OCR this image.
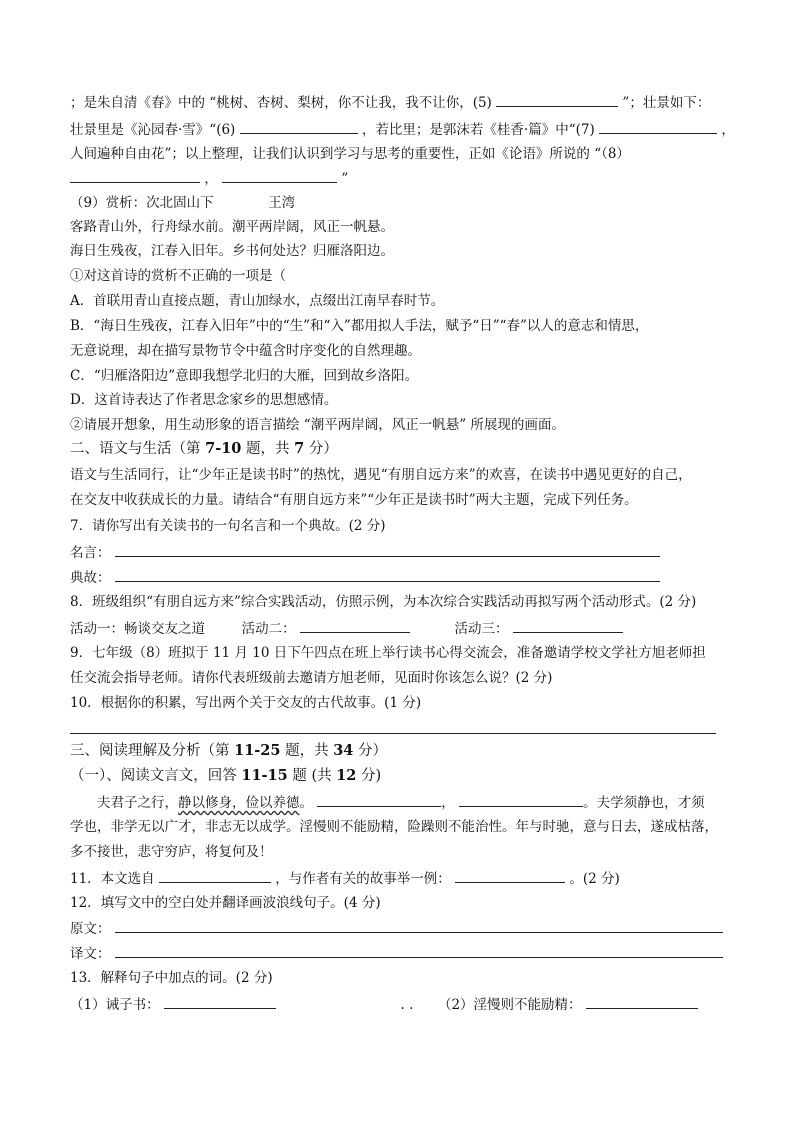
；是朱自清《春》中的 “桃树、杏树、梨树，你不让我，我不让你，(5)	”；壮景如下：
壮景里是《沁园春·雪》“(6)	，若比里；是郭沫若《桂香·篇》中“(7)	，
人间遍种自由花”；以上整理，让我们认识到学习与思考的重要性，正如《论语》所说的 “（8）
，	”
（9）赏析：次北固山下	王湾
客路青山外，行舟绿水前。潮平两岸阔，风正一帆悬。
海日生残夜，江春入旧年。乡书何处达？归雁洛阳边。
①对这首诗的赏析不正确的一项是（
A．首联用青山直接点题，青山加绿水，点缀出江南早春时节。
B．“海日生残夜，江春入旧年”中的“生”和“入”都用拟人手法，赋予“日”“春”以人的意志和情思，
无意说理，却在描写景物节令中蕴含时序变化的自然理趣。
C．“归雁洛阳边”意即我想学北归的大雁，回到故乡洛阳。
D．这首诗表达了作者思念家乡的思想感情。
②请展开想象，用生动形象的语言描绘 “潮平两岸阔，风正一帆悬” 所展现的画面。
二、语文与生活（第 7-10 题，共 7 分）
语文与生活同行，让“少年正是读书时”的热忱，遇见“有朋自远方来”的欢喜，在读书中遇见更好的自己，
在交友中收获成长的力量。请结合“有朋自远方来”“少年正是读书时”两大主题，完成下列任务。
7．请你写出有关读书的一句名言和一个典故。(2 分)
名言：
典故：
8．班级组织“有朋自远方来”综合实践活动，仿照示例，为本次综合实践活动再拟写两个活动形式。(2 分)
活动一：畅谈交友之道	活动二：	活动三：
9．七年级（8）班拟于 11 月 10 日下午四点在班上举行读书心得交流会，准备邀请学校文学社方旭老师担
任交流会指导老师。请你代表班级前去邀请方旭老师，见面时你该怎么说？(2 分)
10．根据你的积累，写出两个关于交友的古代故事。(1 分)
三、阅读理解及分析（第 11-25 题，共 34 分）
（一）、阅读文言文，回答 11-15 题 (共 12 分)
夫君子之行，静以修身，俭以养德。	，	。夫学须静也，才须
学也，非学无以广才，非志无以成学。淫慢则不能励精，险躁则不能治性。年与时驰，意与日去，遂成枯落，
多不接世，悲守穷庐，将复何及！
11．本文选自	，与作者有关的故事举一例：	。(2 分)
12．填写文中的空白处并翻译画波浪线句子。(4 分)
原文：
译文：
13．解释句子中加点的词。(2 分)
（1）诫子书：	. . （2）淫慢则不能励精：
